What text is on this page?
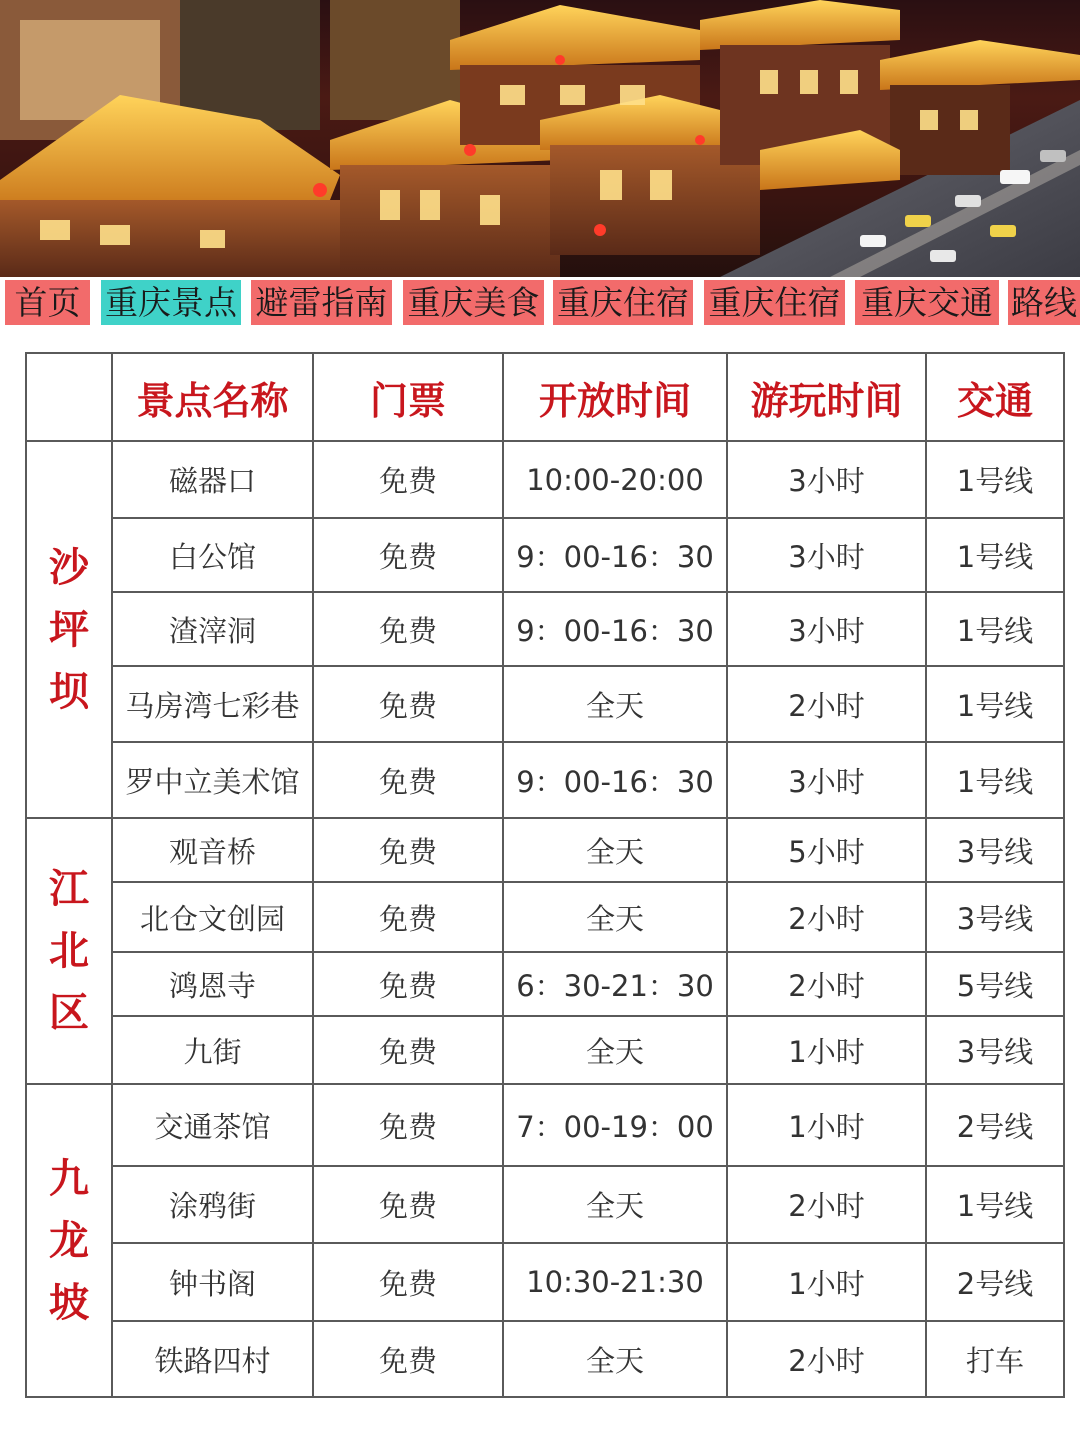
首页 重庆景点 避雷指南 重庆美食 重庆住宿 重庆住宿 重庆交通 路线
	景点名称	门票	开放时间	游玩时间	交通

沙坪坝	磁器口	免费	10:00-20:00	3小时	1号线
	白公馆	免费	9：00-16：30	3小时	1号线
	渣滓洞	免费	9：00-16：30	3小时	1号线
	马房湾七彩巷	免费	全天	2小时	1号线
	罗中立美术馆	免费	9：00-16：30	3小时	1号线

江北区	观音桥	免费	全天	5小时	3号线
	北仓文创园	免费	全天	2小时	3号线
	鸿恩寺	免费	6：30-21：30	2小时	5号线
	九街	免费	全天	1小时	3号线

九龙坡	交通茶馆	免费	7：00-19：00	1小时	2号线
	涂鸦街	免费	全天	2小时	1号线
	钟书阁	免费	10:30-21:30	1小时	2号线
	铁路四村	免费	全天	2小时	打车
